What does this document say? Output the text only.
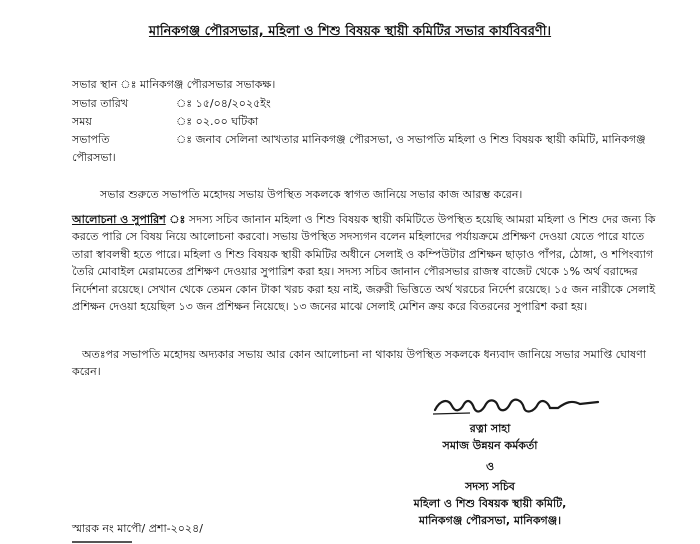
মানিকগঞ্জ পৌরসভার, মহিলা ও শিশু বিষয়ক স্থায়ী কমিটির সভার কার্যবিবরণী।
সভার স্থান ঃ মানিকগঞ্জ পৌরসভার সভাকক্ষ।
সভার তারিখ	ঃ ১৫/০৪/২০২৫ইং
সময়	ঃ ০২.০০ ঘটিকা
সভাপতি	ঃ জনাব সেলিনা আখতার মানিকগঞ্জ পৌরসভা, ও সভাপতি মহিলা ও শিশু বিষয়ক স্থায়ী কমিটি, মানিকগঞ্জ
পৌরসভা।
সভার শুরুতে সভাপতি মহোদয় সভায় উপস্থিত সকলকে স্বাগত জানিয়ে সভার কাজ আরম্ভ করেন।
আলোচনা ও সুপারিশ ঃ সদস্য সচিব জানান মহিলা ও শিশু বিষয়ক স্থায়ী কমিটিতে উপস্থিত হয়েছি আমরা মহিলা ও শিশু দের জন্য কি
করতে পারি সে বিষয় নিয়ে আলোচনা করবো। সভায় উপস্থিত সদস্যগন বলেন মহিলাদের পর্যায়ক্রমে প্রশিক্ষণ দেওয়া যেতে পারে যাতে
তারা স্বাবলম্বী হতে পারে। মহিলা ও শিশু বিষয়ক স্থায়ী কমিটির অধীনে সেলাই ও কম্পিউটার প্রশিক্ষন ছাড়াও পাঁপর, ঠোঙ্গা, ও শপিংব্যাগ
তৈরি মোবাইল মেরামতের প্রশিক্ষণ দেওয়ার সুপারিশ করা হয়। সদস্য সচিব জানান পৌরসভার রাজস্ব বাজেট থেকে ১% অর্থ বরাদ্দের
নির্দেশনা রয়েছে। সেখান থেকে তেমন কোন টাকা খরচ করা হয় নাই, জরুরী ভিত্তিতে অর্থ খরচের নির্দেশ রয়েছে। ১৫ জন নারীকে সেলাই
প্রশিক্ষন দেওয়া হয়েছিল ১৩ জন প্রশিক্ষন নিয়েছে। ১৩ জনের মাঝে সেলাই মেশিন ক্রয় করে বিতরনের সুপারিশ করা হয়।
অতঃপর সভাপতি মহোদয় অদ্যকার সভায় আর কোন আলোচনা না থাকায় উপস্থিত সকলকে ধন্যবাদ জানিয়ে সভার সমাপ্তি ঘোষণা
করেন।
রত্না সাহা
সমাজ উন্নয়ন কর্মকর্তা
ও
সদস্য সচিব
মহিলা ও শিশু বিষয়ক স্থায়ী কমিটি,
মানিকগঞ্জ পৌরসভা, মানিকগঞ্জ।
স্মারক নং মাপৌ/ প্রশা-২০২৪/
